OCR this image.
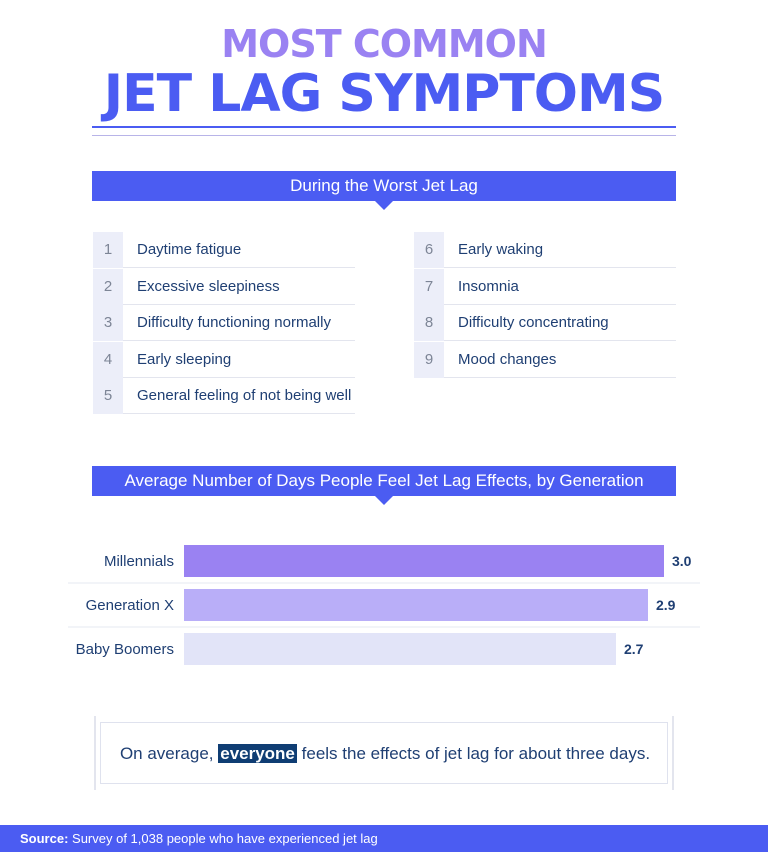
MOST COMMON
JET LAG SYMPTOMS
During the Worst Jet Lag
1	Daytime fatigue
2	Excessive sleepiness
3	Difficulty functioning normally
4	Early sleeping
5	General feeling of not being well
6	Early waking
7	Insomnia
8	Difficulty concentrating
9	Mood changes
Average Number of Days People Feel Jet Lag Effects, by Generation
Millennials	3.0
Generation X	2.9
Baby Boomers	2.7
On average, everyone feels the effects of jet lag for about three days.
Source: Survey of 1,038 people who have experienced jet lag
